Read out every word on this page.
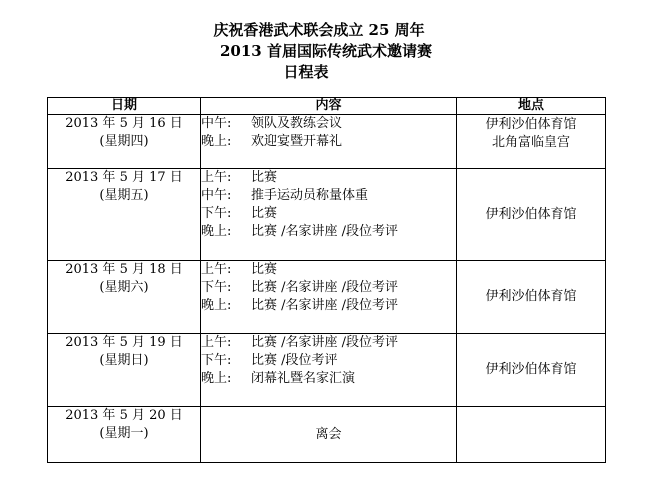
庆祝香港武术联会成立 25 周年
2013 首届国际传统武术邀请赛
日程表
日期	内容	地点

2013 年 5 月 16 日
(星期四)	中午: 领队及教练会议
晚上: 欢迎宴暨开幕礼	伊利沙伯体育馆
北角富临皇宫

2013 年 5 月 17 日
(星期五)	上午: 比赛
中午: 推手运动员称量体重
下午: 比赛
晚上: 比赛 /名家讲座 /段位考评	伊利沙伯体育馆

2013 年 5 月 18 日
(星期六)	上午: 比赛
下午: 比赛 /名家讲座 /段位考评
晚上: 比赛 /名家讲座 /段位考评	伊利沙伯体育馆

2013 年 5 月 19 日
(星期日)	上午: 比赛 /名家讲座 /段位考评
下午: 比赛 /段位考评
晚上: 闭幕礼暨名家汇演	伊利沙伯体育馆

2013 年 5 月 20 日
(星期一)	离会	
